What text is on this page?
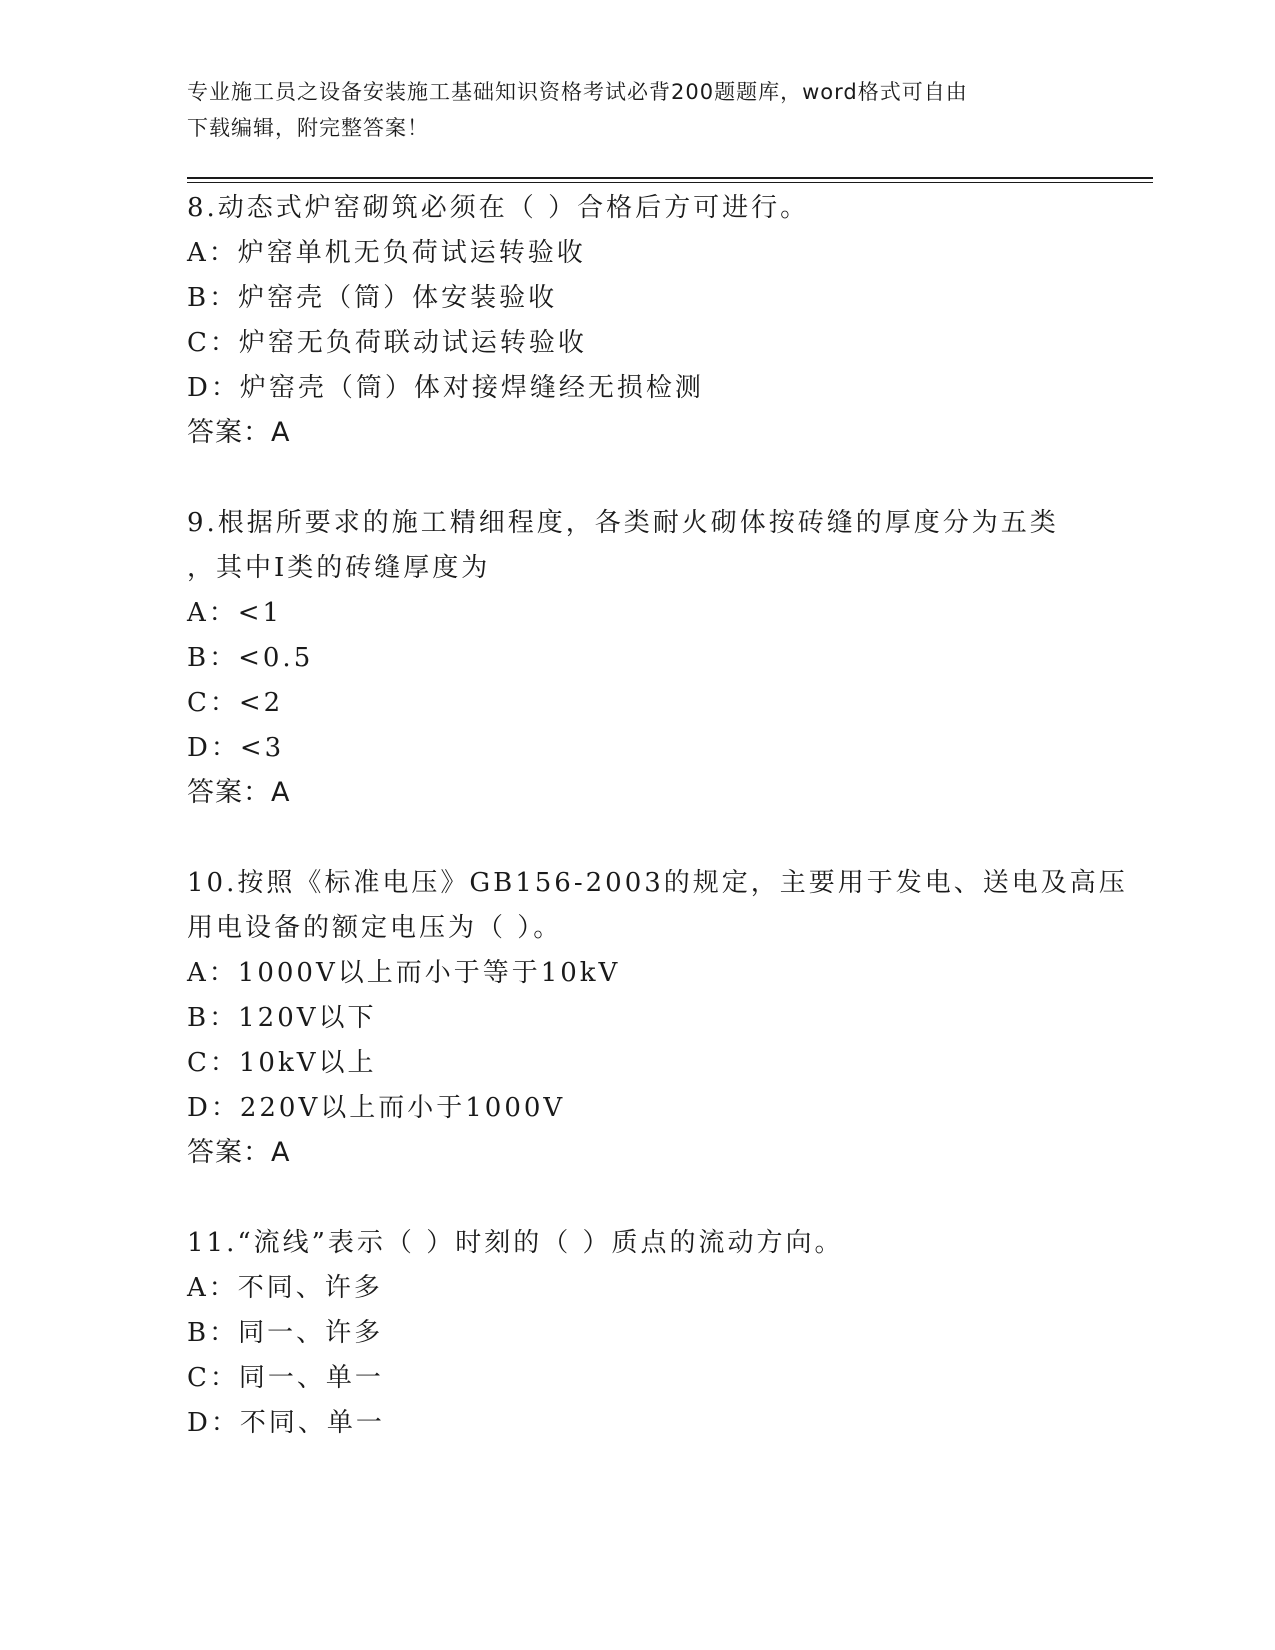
专业施工员之设备安装施工基础知识资格考试必背200题题库，word格式可自由
下载编辑，附完整答案！
8.动态式炉窑砌筑必须在（ ）合格后方可进行。
A：炉窑单机无负荷试运转验收
B：炉窑壳（筒）体安装验收
C：炉窑无负荷联动试运转验收
D：炉窑壳（筒）体对接焊缝经无损检测
答案：A
9.根据所要求的施工精细程度，各类耐火砌体按砖缝的厚度分为五类
，其中Ⅰ类的砖缝厚度为
A：<1
B：<0.5
C：<2
D：<3
答案：A
10.按照《标准电压》GB156-2003的规定，主要用于发电、送电及高压
用电设备的额定电压为（ ）。
A：1000V以上而小于等于10kV
B：120V以下
C：10kV以上
D：220V以上而小于1000V
答案：A
11.“流线”表示（ ）时刻的（ ）质点的流动方向。
A：不同、许多
B：同一、许多
C：同一、单一
D：不同、单一
